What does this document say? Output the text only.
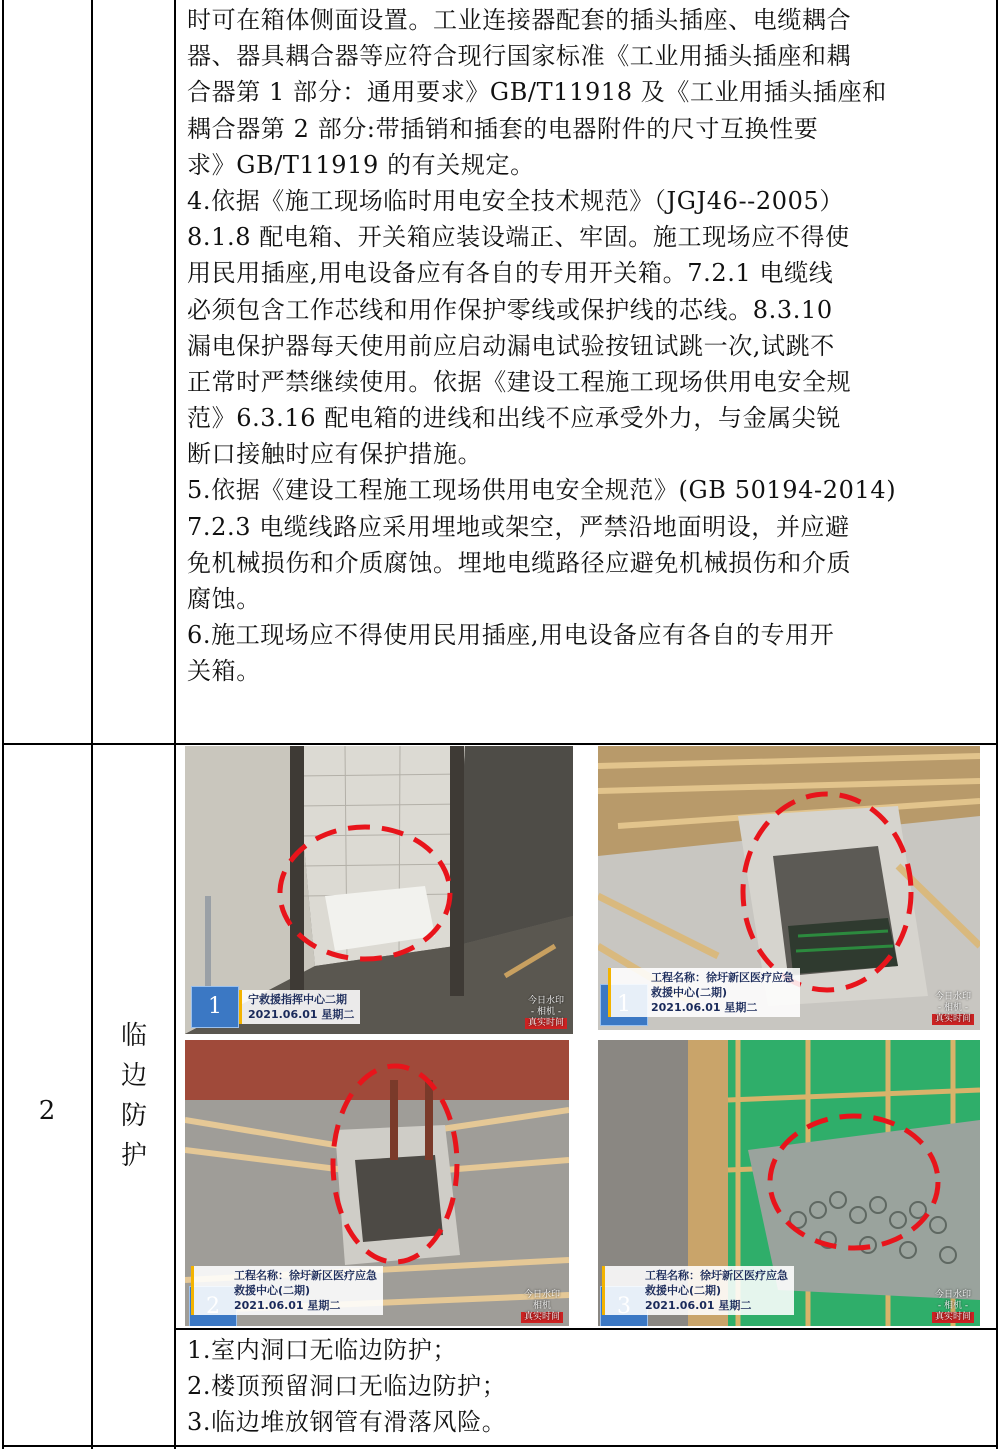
时可在箱体侧面设置。工业连接器配套的插头插座、电缆耦合
器、器具耦合器等应符合现行国家标准《工业用插头插座和耦
合器第 1 部分：通用要求》GB/T11918 及《工业用插头插座和
耦合器第 2 部分:带插销和插套的电器附件的尺寸互换性要
求》GB/T11919 的有关规定。
4.依据《施工现场临时用电安全技术规范》（JGJ46--2005）
8.1.8 配电箱、开关箱应装设端正、牢固。施工现场应不得使
用民用插座,用电设备应有各自的专用开关箱。7.2.1 电缆线
必须包含工作芯线和用作保护零线或保护线的芯线。8.3.10
漏电保护器每天使用前应启动漏电试验按钮试跳一次,试跳不
正常时严禁继续使用。依据《建设工程施工现场供用电安全规
范》6.3.16 配电箱的进线和出线不应承受外力，与金属尖锐
断口接触时应有保护措施。
5.依据《建设工程施工现场供用电安全规范》(GB 50194-2014)
7.2.3 电缆线路应采用埋地或架空，严禁沿地面明设，并应避
免机械损伤和介质腐蚀。埋地电缆路径应避免机械损伤和介质
腐蚀。
6.施工现场应不得使用民用插座,用电设备应有各自的专用开
关箱。
2
临
边
防
护
1	宁救援指挥中心二期
2021.06.01 星期二
今日水印
- 相机 -
真实时间
工程名称：徐圩新区医疗应急
救援中心(二期)
2021.06.01 星期二
今日水印
- 相机 -
真实时间
工程名称：徐圩新区医疗应急
救援中心(二期)
2021.06.01 星期二
今日水印
相机
真实时间
工程名称：徐圩新区医疗应急
救援中心(二期)
2021.06.01 星期二
今日水印
- 相机 -
真实时间
1.室内洞口无临边防护；
2.楼顶预留洞口无临边防护；
3.临边堆放钢管有滑落风险。
